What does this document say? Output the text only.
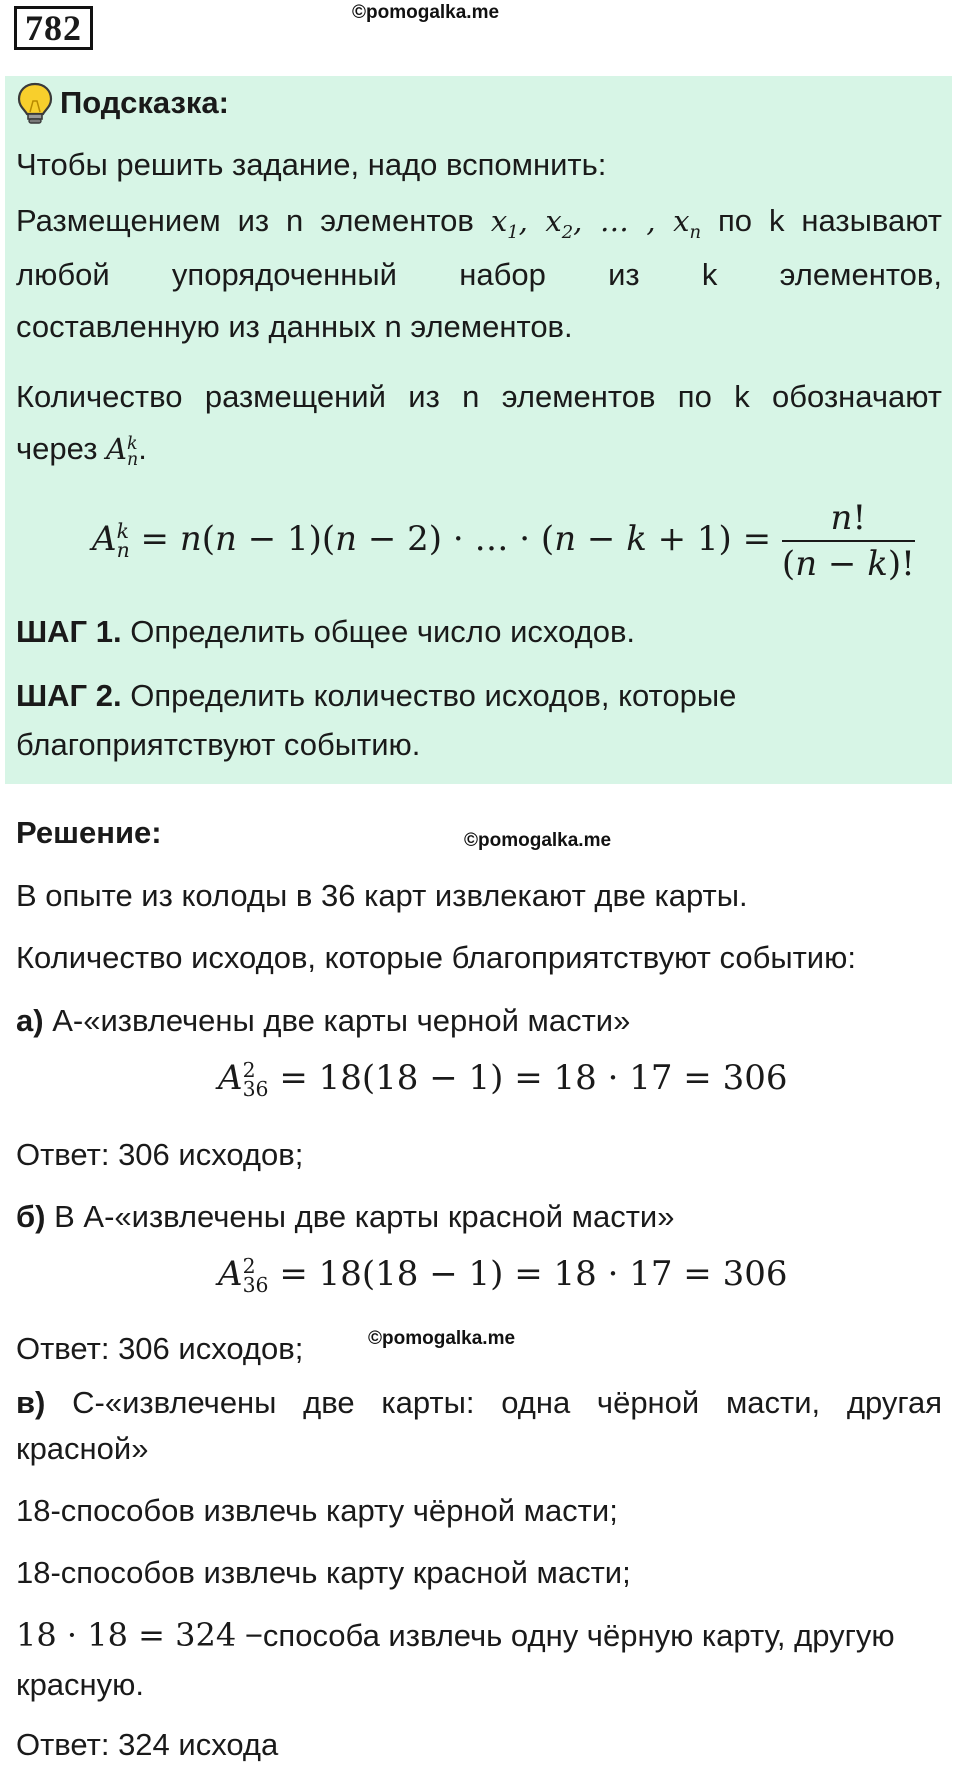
782	©pomogalka.me

Подсказка:

Чтобы решить задание, надо вспомнить:

Размещением из n элементов $x_1$, $x_2$, … , $x_n$ по k называют

любой упорядоченный набор из k элементов,

составленную из данных n элементов.

Количество размещений из n элементов по k обозначают

через A k
n .

A k
n = n(n − 1)(n − 2) · … · $(n - k + 1) = \frac{n!}{(n - k)!}$

ШАГ 1. Определить общее число исходов.

ШАГ 2. Определить количество исходов, которые

благоприятствуют событию.

Решение:	©pomogalka.me

В опыте из колоды в 36 карт извлекают две карты.

Количество исходов, которые благоприятствуют событию:

а) А-«извлечены две карты черной масти»

A 2
36 = 18(18 − 1) = 18 · 17 = 306

Ответ: 306 исходов;

б) В А-«извлечены две карты красной масти»

A 2
36 = 18(18 − 1) = 18 · 17 = 306

Ответ: 306 исходов;	©pomogalka.me

в) С-«извлечены две карты: одна чёрной масти, другая

красной»

18-способов извлечь карту чёрной масти;

18-способов извлечь карту красной масти;

18 · 18 = 324 −способа извлечь одну чёрную карту, другую

красную.

Ответ: 324 исхода
